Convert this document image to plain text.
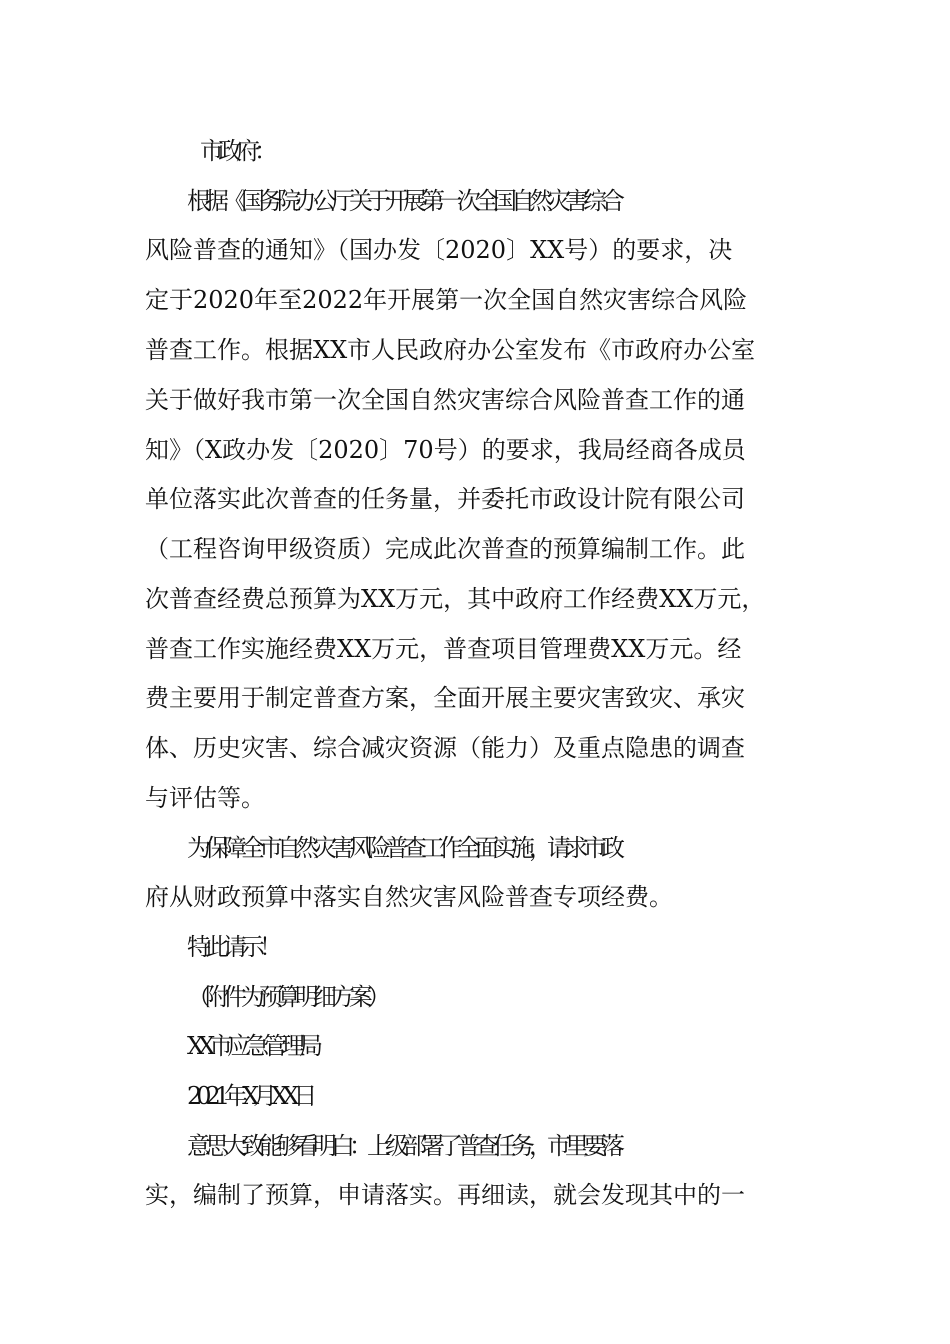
市政府：
根据《国务院办公厅关于开展第一次全国自然灾害综合
风险普查的通知》（国办发〔2020〕XX号）的要求，决
定于2020年至2022年开展第一次全国自然灾害综合风险
普查工作。根据XX市人民政府办公室发布《市政府办公室
关于做好我市第一次全国自然灾害综合风险普查工作的通
知》（X政办发〔2020〕70号）的要求，我局经商各成员
单位落实此次普查的任务量，并委托市政设计院有限公司
（工程咨询甲级资质）完成此次普查的预算编制工作。此
次普查经费总预算为XX万元，其中政府工作经费XX万元，
普查工作实施经费XX万元，普查项目管理费XX万元。经
费主要用于制定普查方案，全面开展主要灾害致灾、承灾
体、历史灾害、综合减灾资源（能力）及重点隐患的调查
与评估等。
为保障全市自然灾害风险普查工作全面实施，请求市政
府从财政预算中落实自然灾害风险普查专项经费。
特此请示！
（附件为预算明细方案）
XX市应急管理局
2021年X月XX日
意思大致能够看明白：上级部署了普查任务，市里要落
实，编制了预算，申请落实。再细读，就会发现其中的一
